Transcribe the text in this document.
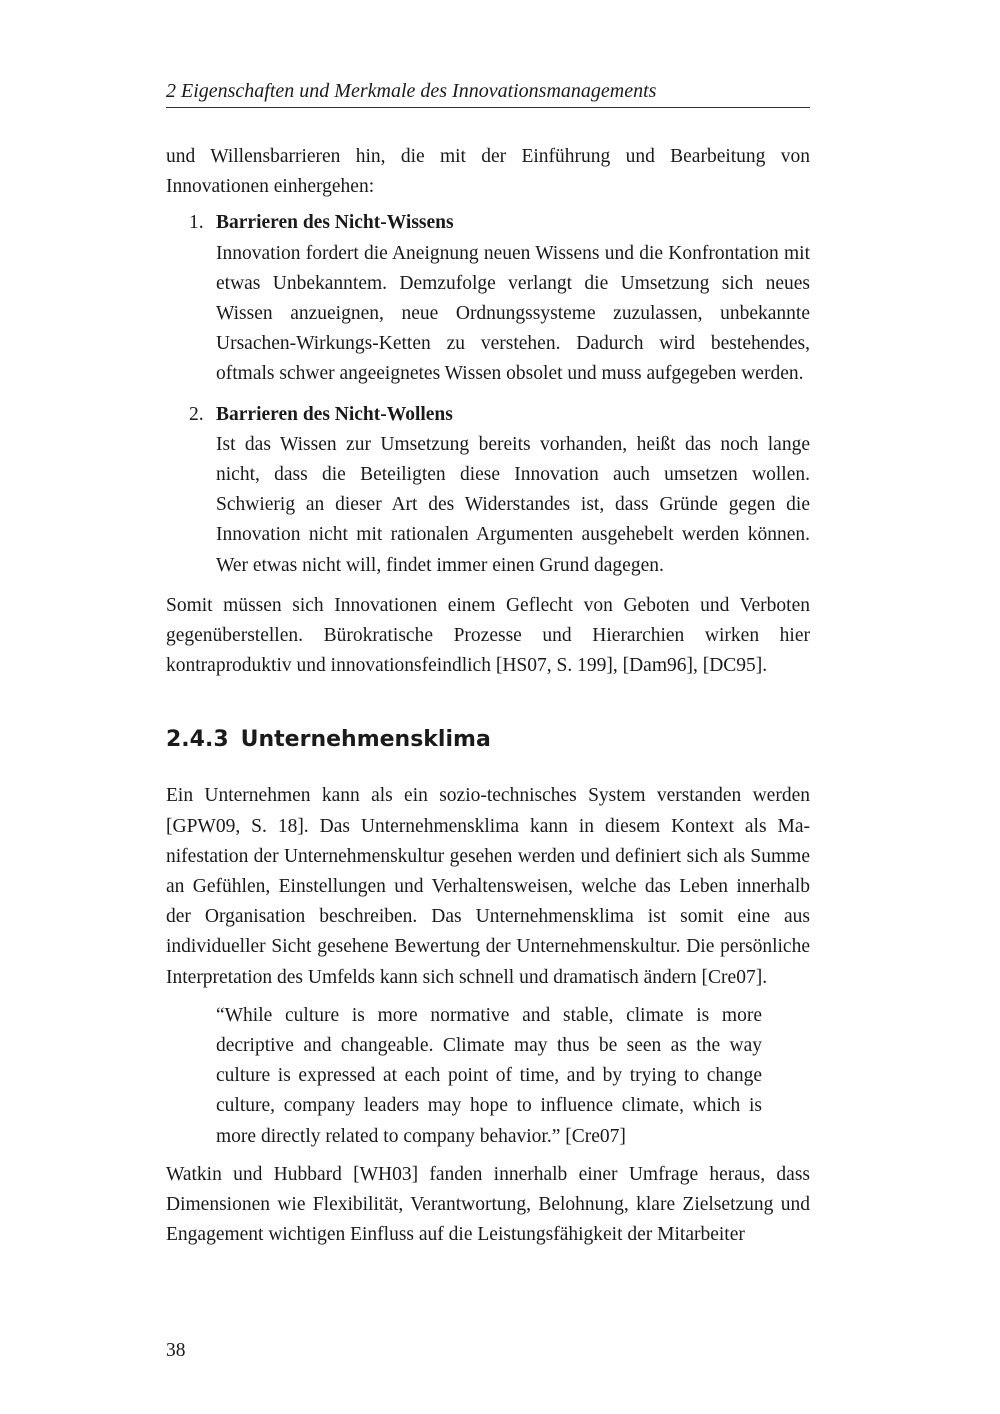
2 Eigenschaften und Merkmale des Innovationsmanagements

und Willensbarrieren hin, die mit der Einführung und Bearbeitung von Innovationen einhergehen:

1. Barrieren des Nicht-Wissens
Innovation fordert die Aneignung neuen Wissens und die Konfrontation mit etwas Unbekanntem. Demzufolge verlangt die Umsetzung sich neues Wissen anzueignen, neue Ordnungssysteme zuzulassen, unbekannte Ursachen-Wirkungs-Ketten zu verstehen. Dadurch wird bestehendes, oftmals schwer angeeignetes Wissen obsolet und muss aufgegeben werden.
2. Barrieren des Nicht-Wollens
Ist das Wissen zur Umsetzung bereits vorhanden, heißt das noch lange nicht, dass die Beteiligten diese Innovation auch umsetzen wollen. Schwierig an dieser Art des Widerstandes ist, dass Gründe gegen die Innovation nicht mit rationalen Argumenten ausgehebelt werden können. Wer etwas nicht will, findet immer einen Grund dagegen.

Somit müssen sich Innovationen einem Geflecht von Geboten und Verboten gegenüberstellen. Bürokratische Prozesse und Hierarchien wirken hier kontraproduktiv und innovationsfeindlich [HS07, S. 199], [Dam96], [DC95].

2.4.3 Unternehmensklima

Ein Unternehmen kann als ein sozio-technisches System verstanden werden [GPW09, S. 18]. Das Unternehmensklima kann in diesem Kontext als Manifestation der Unternehmenskultur gesehen werden und definiert sich als Summe an Gefühlen, Einstellungen und Verhaltensweisen, welche das Leben innerhalb der Organisation beschreiben. Das Unternehmensklima ist somit eine aus individueller Sicht gesehene Bewertung der Unternehmenskultur. Die persönliche Interpretation des Umfelds kann sich schnell und dramatisch ändern [Cre07].

“While culture is more normative and stable, climate is more decriptive and changeable. Climate may thus be seen as the way culture is expressed at each point of time, and by trying to change culture, company leaders may hope to influence climate, which is more directly related to company behavior.” [Cre07]

Watkin und Hubbard [WH03] fanden innerhalb einer Umfrage heraus, dass Dimensionen wie Flexibilität, Verantwortung, Belohnung, klare Zielsetzung und Engagement wichtigen Einfluss auf die Leistungsfähigkeit der Mitarbeiter

38
